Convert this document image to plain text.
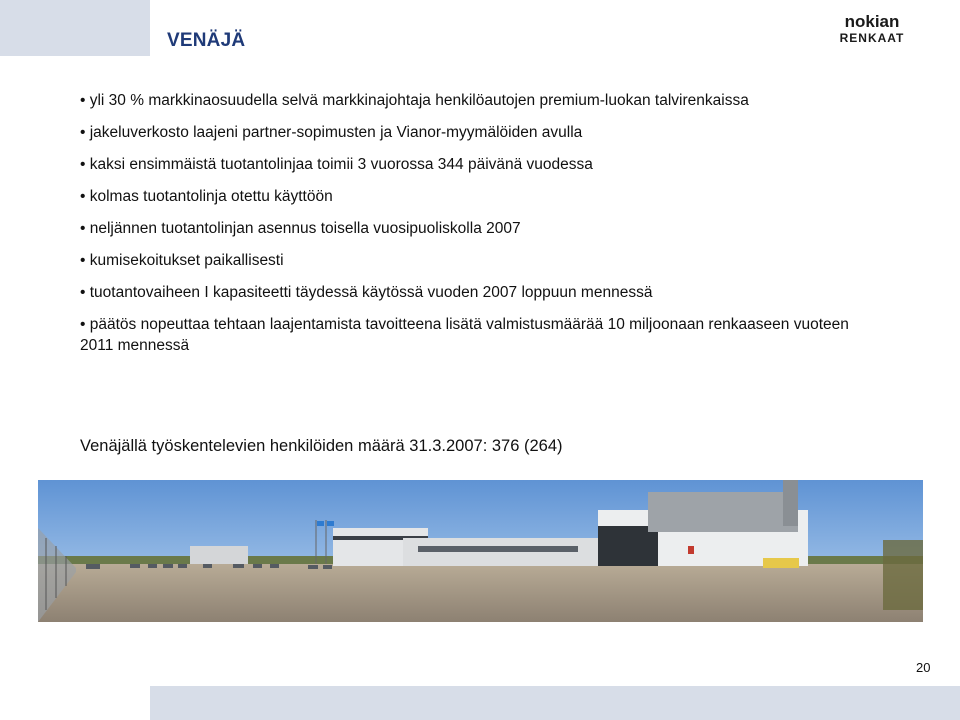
VENÄJÄ
nokian
RENKAAT
• yli 30 % markkinaosuudella selvä markkinajohtaja henkilöautojen premium-luokan talvirenkaissa
• jakeluverkosto laajeni partner-sopimusten ja Vianor-myymälöiden avulla
• kaksi ensimmäistä tuotantolinjaa toimii 3 vuorossa 344 päivänä vuodessa
• kolmas tuotantolinja otettu käyttöön
• neljännen tuotantolinjan asennus toisella vuosipuoliskolla 2007
• kumisekoitukset paikallisesti
• tuotantovaiheen I kapasiteetti täydessä käytössä vuoden 2007 loppuun mennessä
• päätös nopeuttaa tehtaan laajentamista tavoitteena lisätä valmistusmäärää 10 miljoonaan renkaaseen vuoteen 2011 mennessä
Venäjällä työskentelevien henkilöiden määrä 31.3.2007: 376 (264)
20
